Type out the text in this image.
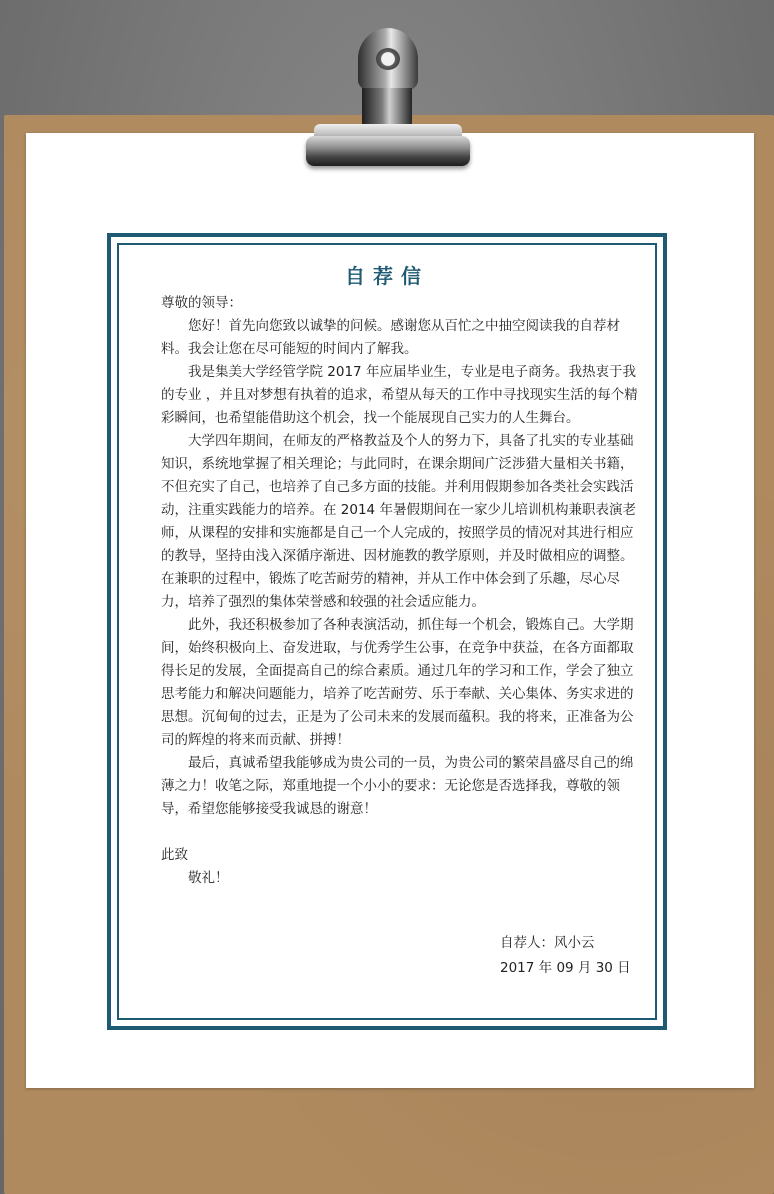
自荐信

尊敬的领导：

您好！首先向您致以诚挚的问候。感谢您从百忙之中抽空阅读我的自荐材料。我会让您在尽可能短的时间内了解我。

我是集美大学经管学院 2017 年应届毕业生，专业是电子商务。我热衷于我的专业 ，并且对梦想有执着的追求，希望从每天的工作中寻找现实生活的每个精彩瞬间，也希望能借助这个机会，找一个能展现自己实力的人生舞台。

大学四年期间，在师友的严格教益及个人的努力下，具备了扎实的专业基础知识，系统地掌握了相关理论；与此同时，在课余期间广泛涉猎大量相关书籍，不但充实了自己，也培养了自己多方面的技能。并利用假期参加各类社会实践活动，注重实践能力的培养。在 2014 年暑假期间在一家少儿培训机构兼职表演老师，从课程的安排和实施都是自己一个人完成的，按照学员的情况对其进行相应的教导，坚持由浅入深循序渐进、因材施教的教学原则，并及时做相应的调整。在兼职的过程中，锻炼了吃苦耐劳的精神，并从工作中体会到了乐趣，尽心尽力，培养了强烈的集体荣誉感和较强的社会适应能力。

此外，我还积极参加了各种表演活动，抓住每一个机会，锻炼自己。大学期间，始终积极向上、奋发进取，与优秀学生公事，在竞争中获益，在各方面都取得长足的发展，全面提高自己的综合素质。通过几年的学习和工作，学会了独立思考能力和解决问题能力，培养了吃苦耐劳、乐于奉献、关心集体、务实求进的思想。沉甸甸的过去，正是为了公司未来的发展而蕴积。我的将来，正准备为公司的辉煌的将来而贡献、拼搏！

最后，真诚希望我能够成为贵公司的一员，为贵公司的繁荣昌盛尽自己的绵薄之力！收笔之际，郑重地提一个小小的要求：无论您是否选择我，尊敬的领导，希望您能够接受我诚恳的谢意！

此致

敬礼！

自荐人：风小云
2017 年 09 月 30 日
